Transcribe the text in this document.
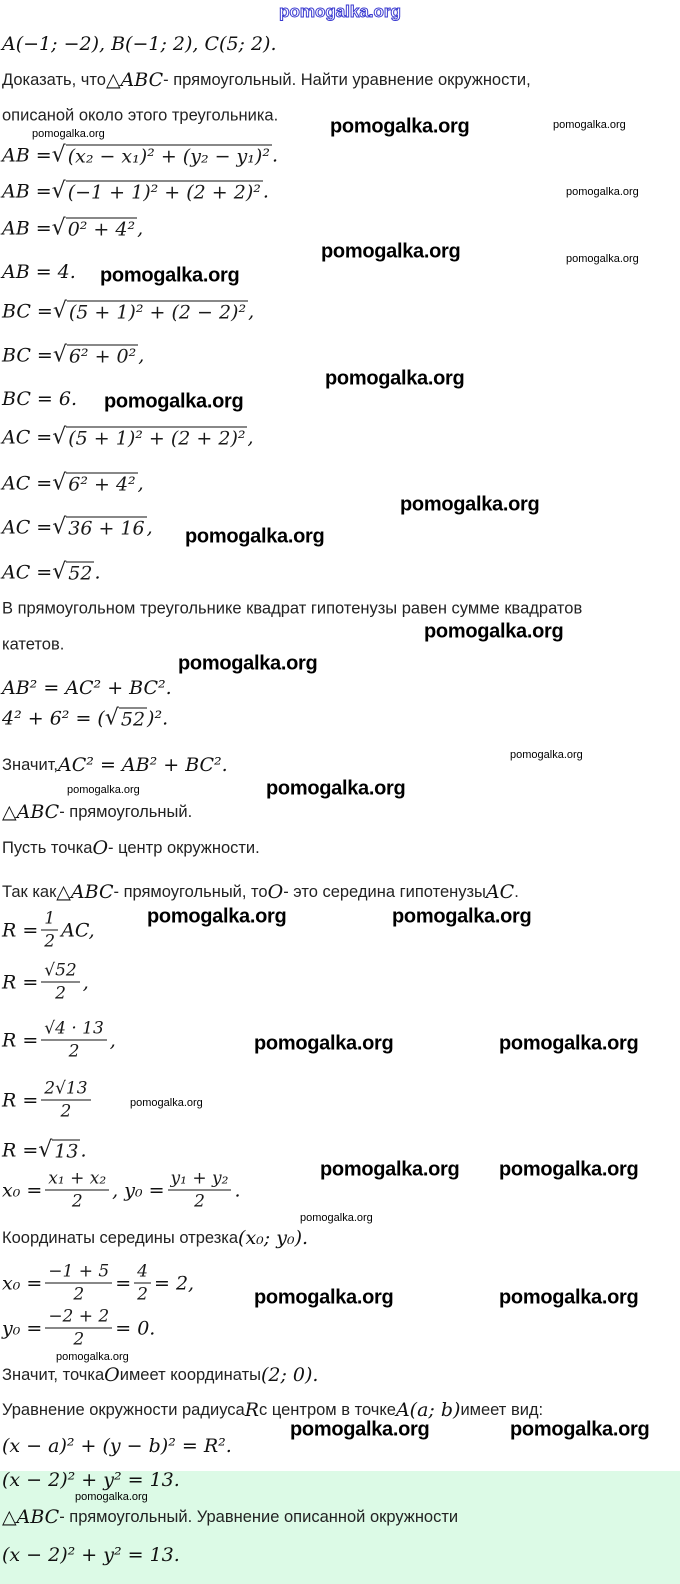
pomogalka.org
A(−1; −2), B(−1; 2), C(5; 2).
Доказать, что △ABC - прямоугольный. Найти уравнение окружности,
описаной около этого треугольника.
AB = √ (x₂ − x₁)² + (y₂ − y₁)² .
AB = √ (−1 + 1)² + (2 + 2)² .
AB = √ 0² + 4² ,
AB = 4.
BC = √ (5 + 1)² + (2 − 2)² ,
BC = √ 6² + 0² ,
BC = 6.
AC = √ (5 + 1)² + (2 + 2)² ,
AC = √ 6² + 4² ,
AC = √ 36 + 16 ,
AC = √ 52 .
В прямоугольном треугольнике квадрат гипотенузы равен сумме квадратов
катетов.
AB² = AC² + BC².
4² + 6² = ( √ 52 )².
Значит, AC² = AB² + BC².
△ABC - прямоугольный.
Пусть точка O - центр окружности.
Так как △ABC - прямоугольный, то O - это середина гипотенузы AC .
$R = \frac{1}{2}$ AC,
$R = \frac{√52}{2}$ ,
$R = \frac{√4 \cdot 13}{2}$ ,
$R = \frac{2√13}{2}$
R = √ 13 .
$x_0 = \frac{\text{x₁ + x₂}}{2}$ , $y_0 = \frac{\text{y₁ + y₂}}{2}$ .
Координаты середины отрезка (x₀; y₀).
$x_0 = \frac{-1 + 5}{2} = \frac{4}{2} = 2$,
$y_0 = \frac{-2 + 2}{2} = 0$.
Значит, точка O имеет координаты (2; 0).
Уравнение окружности радиуса R с центром в точке A(a; b) имеет вид:
(x − a)² + (y − b)² = R².
(x − 2)² + y² = 13.
△ABC - прямоугольный. Уравнение описанной окружности
(x − 2)² + y² = 13.
pomogalka.org	pomogalka.org	pomogalka.org
pomogalka.org
pomogalka.org	pomogalka.org
pomogalka.org
pomogalka.org
pomogalka.org
pomogalka.org
pomogalka.org
pomogalka.org
pomogalka.org
pomogalka.org
pomogalka.org	pomogalka.org
pomogalka.org	pomogalka.org
pomogalka.org	pomogalka.org
pomogalka.org
pomogalka.org pomogalka.org
pomogalka.org
pomogalka.org	pomogalka.org
pomogalka.org
pomogalka.org	pomogalka.org
pomogalka.org
